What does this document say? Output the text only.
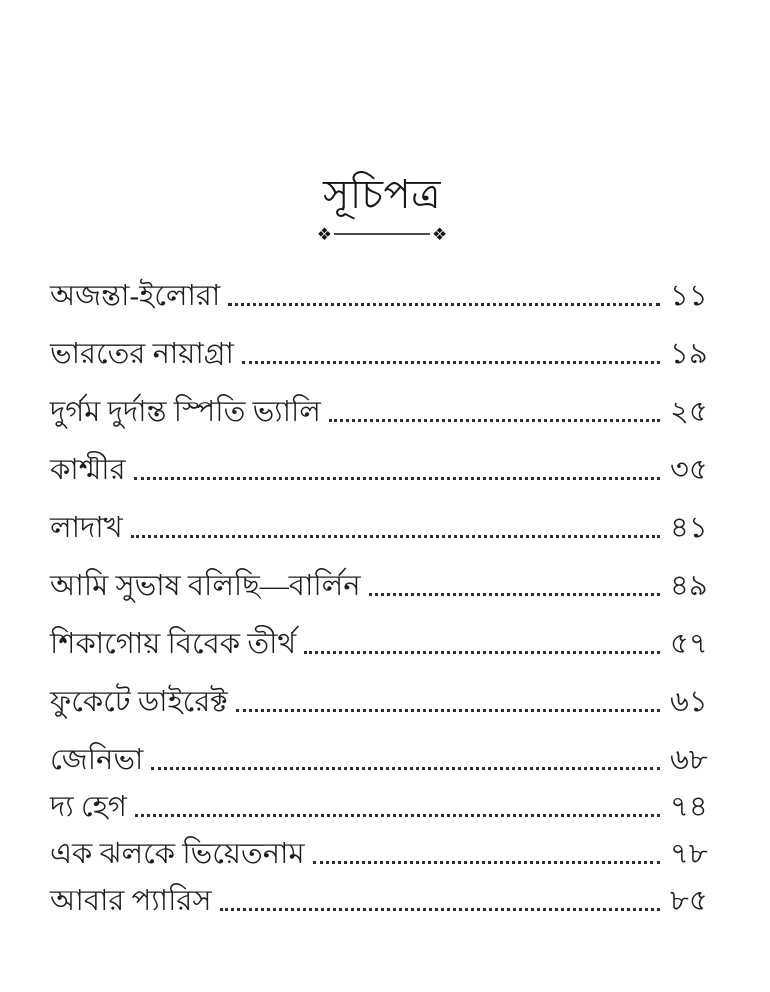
সূচিপত্র
❖	❖
অজন্তা-ইলোরা	১১
ভারতের নায়াগ্রা	১৯
দুর্গম দুর্দান্ত স্পিতি ভ্যালি	২৫
কাশ্মীর	৩৫
লাদাখ	৪১
আমি সুভাষ বলিছি—বার্লিন	৪৯
শিকাগোয় বিবেক তীর্থ	৫৭
ফুকেটে ডাইরেক্ট	৬১
জেনিভা	৬৮
দ্য হেগ	৭৪
এক ঝলকে ভিয়েতনাম	৭৮
আবার প্যারিস	৮৫
